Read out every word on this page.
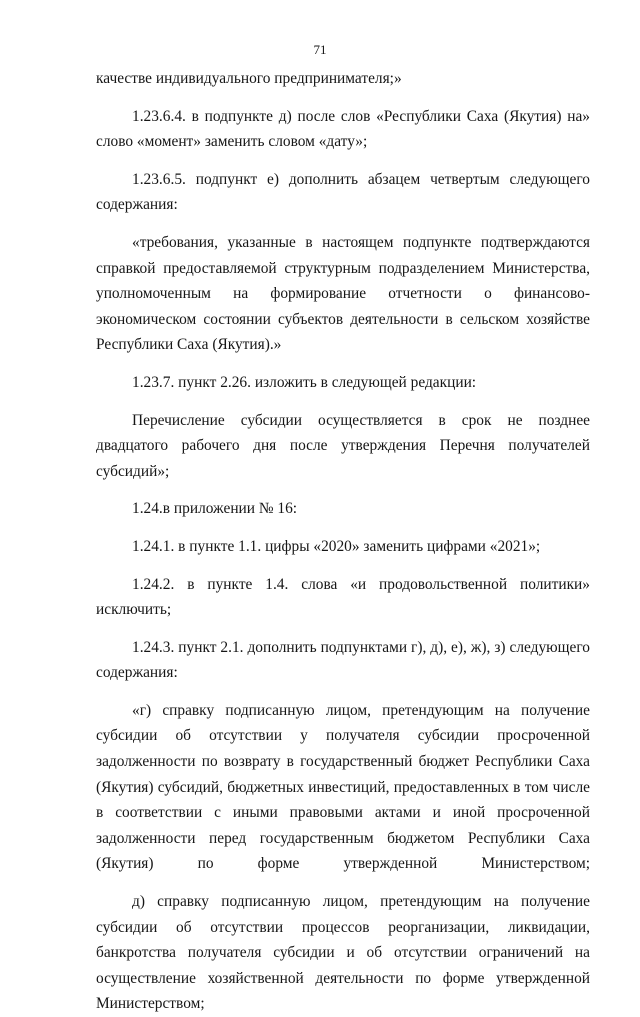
71

качестве индивидуального предпринимателя;»

1.23.6.4. в подпункте д) после слов «Республики Саха (Якутия) на» слово «момент» заменить словом «дату»;

1.23.6.5. подпункт е) дополнить абзацем четвертым следующего содержания:

«требования, указанные в настоящем подпункте подтверждаются справкой предоставляемой структурным подразделением Министерства, уполномоченным на формирование отчетности о финансово-экономическом состоянии субъектов деятельности в сельском хозяйстве Республики Саха (Якутия).»

1.23.7. пункт 2.26. изложить в следующей редакции:

Перечисление субсидии осуществляется в срок не позднее двадцатого рабочего дня после утверждения Перечня получателей субсидий»;

1.24.в приложении № 16:

1.24.1. в пункте 1.1. цифры «2020» заменить цифрами «2021»;

1.24.2. в пункте 1.4. слова «и продовольственной политики» исключить;

1.24.3. пункт 2.1. дополнить подпунктами г), д), е), ж), з) следующего содержания:

«г) справку подписанную лицом, претендующим на получение субсидии об отсутствии у получателя субсидии просроченной задолженности по возврату в государственный бюджет Республики Саха (Якутия) субсидий, бюджетных инвестиций, предоставленных в том числе в соответствии с иными правовыми актами и иной просроченной задолженности перед государственным бюджетом Республики Саха (Якутия) по форме утвержденной Министерством;

д) справку подписанную лицом, претендующим на получение субсидии об отсутствии процессов реорганизации, ликвидации, банкротства получателя субсидии и об отсутствии ограничений на осуществление хозяйственной деятельности по форме утвержденной Министерством;
